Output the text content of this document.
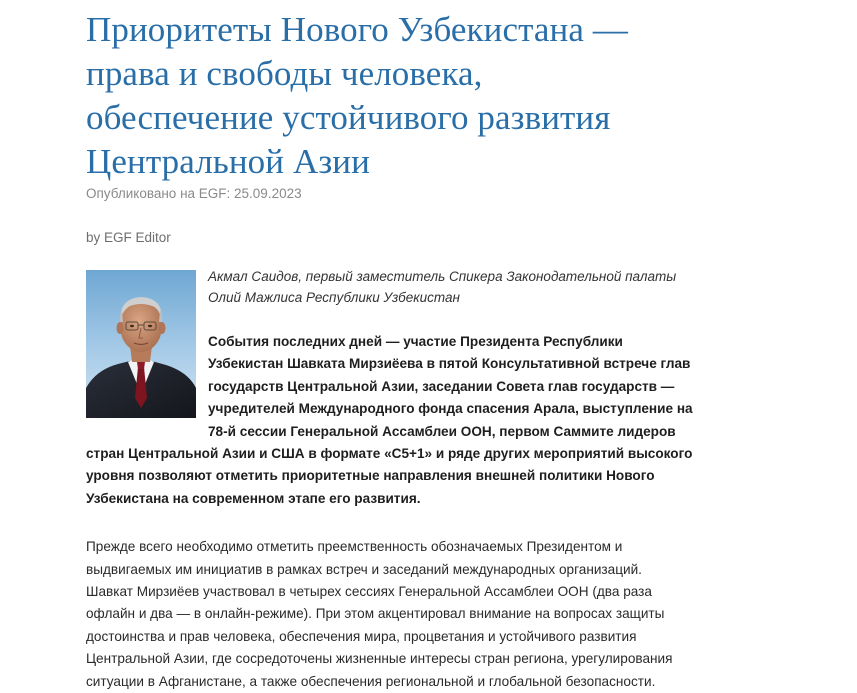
Приоритеты Нового Узбекистана —
права и свободы человека,
обеспечение устойчивого развития
Центральной Азии
Опубликовано на EGF: 25.09.2023
by EGF Editor
Акмал Саидов, первый заместитель Спикера Законодательной палаты
Олий Мажлиса Республики Узбекистан
События последних дней — участие Президента Республики
Узбекистан Шавката Мирзиёева в пятой Консультативной встрече глав
государств Центральной Азии, заседании Совета глав государств —
учредителей Международного фонда спасения Арала, выступление на
78-й сессии Генеральной Ассамблеи ООН, первом Саммите лидеров
стран Центральной Азии и США в формате «С5+1» и ряде других мероприятий высокого
уровня позволяют отметить приоритетные направления внешней политики Нового
Узбекистана на современном этапе его развития.
Прежде всего необходимо отметить преемственность обозначаемых Президентом и
выдвигаемых им инициатив в рамках встреч и заседаний международных организаций.
Шавкат Мирзиёев участвовал в четырех сессиях Генеральной Ассамблеи ООН (два раза
офлайн и два — в онлайн-режиме). При этом акцентировал внимание на вопросах защиты
достоинства и прав человека, обеспечения мира, процветания и устойчивого развития
Центральной Азии, где сосредоточены жизненные интересы стран региона, урегулирования
ситуации в Афганистане, а также обеспечения региональной и глобальной безопасности.
